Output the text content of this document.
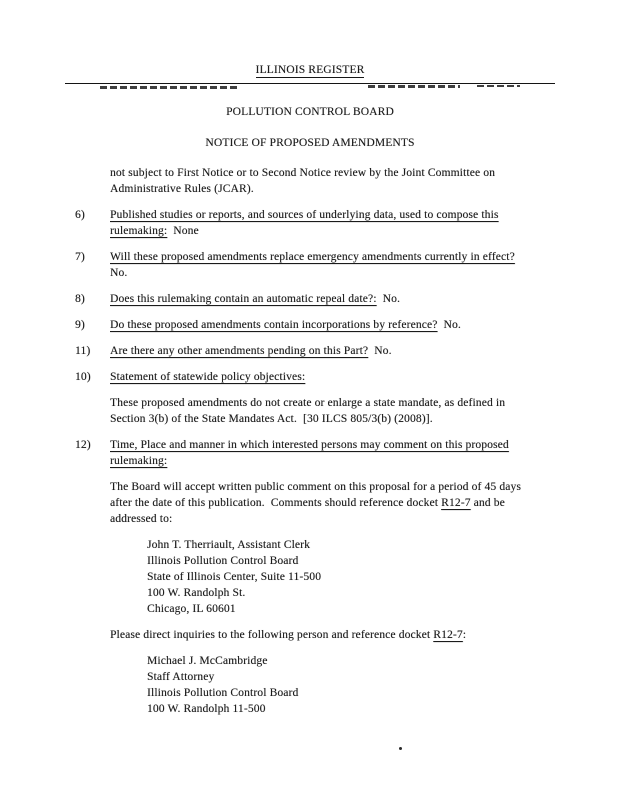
ILLINOIS REGISTER
POLLUTION CONTROL BOARD
NOTICE OF PROPOSED AMENDMENTS
not subject to First Notice or to Second Notice review by the Joint Committee on
Administrative Rules (JCAR).
6)	Published studies or reports, and sources of underlying data, used to compose this
rulemaking:  None
7)	Will these proposed amendments replace emergency amendments currently in effect?
No.
8)	Does this rulemaking contain an automatic repeal date?:  No.
9)	Do these proposed amendments contain incorporations by reference?  No.
11)	Are there any other amendments pending on this Part?  No.
10)	Statement of statewide policy objectives:
These proposed amendments do not create or enlarge a state mandate, as defined in
Section 3(b) of the State Mandates Act.  [30 ILCS 805/3(b) (2008)].
12)	Time, Place and manner in which interested persons may comment on this proposed
rulemaking:
The Board will accept written public comment on this proposal for a period of 45 days
after the date of this publication.  Comments should reference docket R12-7 and be
addressed to:
John T. Therriault, Assistant Clerk
Illinois Pollution Control Board
State of Illinois Center, Suite 11-500
100 W. Randolph St.
Chicago, IL 60601
Please direct inquiries to the following person and reference docket R12-7:
Michael J. McCambridge
Staff Attorney
Illinois Pollution Control Board
100 W. Randolph 11-500
